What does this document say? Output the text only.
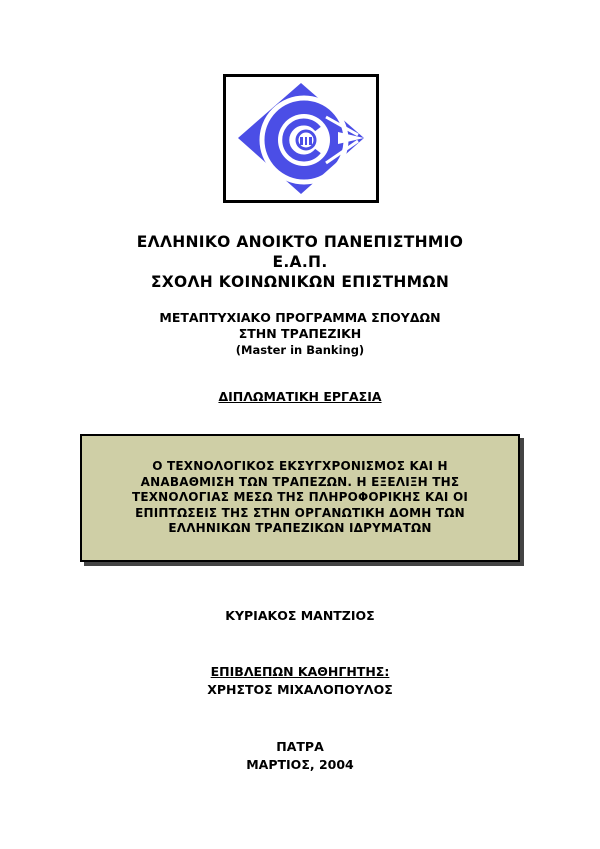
ΕΛΛΗΝΙΚΟ ΑΝΟΙΚΤΟ ΠΑΝΕΠΙΣΤΗΜΙΟ
Ε.Α.Π.
ΣΧΟΛΗ ΚΟΙΝΩΝΙΚΩΝ ΕΠΙΣΤΗΜΩΝ
ΜΕΤΑΠΤΥΧΙΑΚΟ ΠΡΟΓΡΑΜΜΑ ΣΠΟΥΔΩΝ
ΣΤΗΝ ΤΡΑΠΕΖΙΚΗ
(Master in Banking)
ΔΙΠΛΩΜΑΤΙΚΗ ΕΡΓΑΣΙΑ
Ο ΤΕΧΝΟΛΟΓΙΚΟΣ ΕΚΣΥΓΧΡΟΝΙΣΜΟΣ ΚΑΙ Η
ΑΝΑΒΑΘΜΙΣΗ ΤΩΝ ΤΡΑΠΕΖΩΝ. Η ΕΞΕΛΙΞΗ ΤΗΣ
ΤΕΧΝΟΛΟΓΙΑΣ ΜΕΣΩ ΤΗΣ ΠΛΗΡΟΦΟΡΙΚΗΣ ΚΑΙ ΟΙ
ΕΠΙΠΤΩΣΕΙΣ ΤΗΣ ΣΤΗΝ ΟΡΓΑΝΩΤΙΚΗ ΔΟΜΗ ΤΩΝ
ΕΛΛΗΝΙΚΩΝ ΤΡΑΠΕΖΙΚΩΝ ΙΔΡΥΜΑΤΩΝ
ΚΥΡΙΑΚΟΣ ΜΑΝΤΖΙΟΣ
ΕΠΙΒΛΕΠΩΝ ΚΑΘΗΓΗΤΗΣ:
ΧΡΗΣΤΟΣ ΜΙΧΑΛΟΠΟΥΛΟΣ
ΠΑΤΡΑ
ΜΑΡΤΙΟΣ, 2004
